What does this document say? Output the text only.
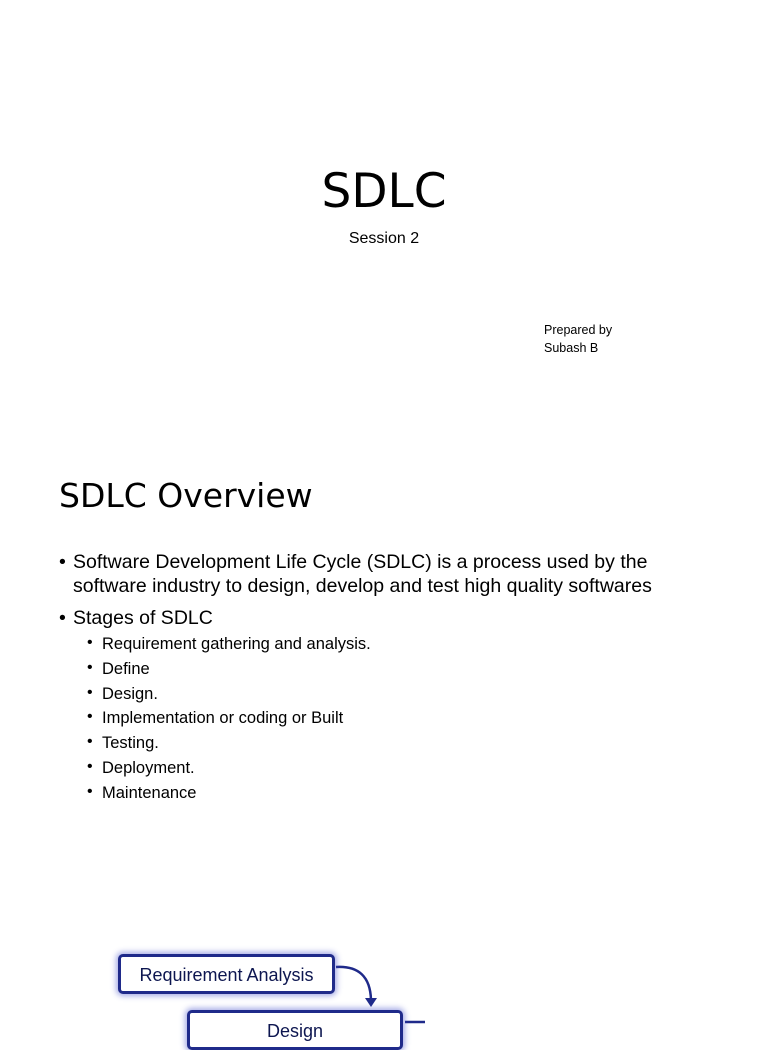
SDLC
Session 2
Prepared by
Subash B
SDLC Overview
• Software Development Life Cycle (SDLC) is a process used by the software industry to design, develop and test high quality softwares
• Stages of SDLC
• Requirement gathering and analysis.
• Define
• Design.
• Implementation or coding or Built
• Testing.
• Deployment.
• Maintenance
Requirement Analysis
Design
